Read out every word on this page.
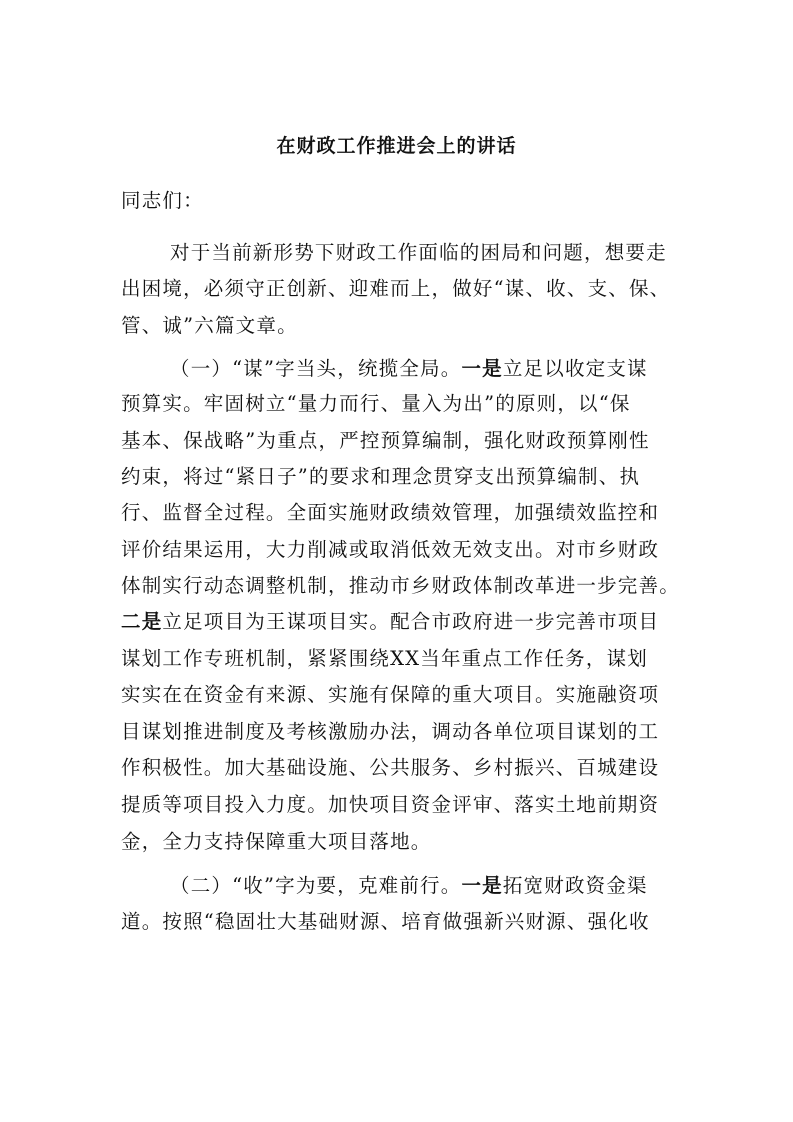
在财政工作推进会上的讲话
同志们：
对于当前新形势下财政工作面临的困局和问题，想要走
出困境，必须守正创新、迎难而上，做好“谋、收、支、保、
管、诚”六篇文章。
（一）“谋”字当头，统揽全局。一是立足以收定支谋
预算实。牢固树立“量力而行、量入为出”的原则，以“保
基本、保战略”为重点，严控预算编制，强化财政预算刚性
约束，将过“紧日子”的要求和理念贯穿支出预算编制、执
行、监督全过程。全面实施财政绩效管理，加强绩效监控和
评价结果运用，大力削减或取消低效无效支出。对市乡财政
体制实行动态调整机制，推动市乡财政体制改革进一步完善。
二是立足项目为王谋项目实。配合市政府进一步完善市项目
谋划工作专班机制，紧紧围绕XX当年重点工作任务，谋划
实实在在资金有来源、实施有保障的重大项目。实施融资项
目谋划推进制度及考核激励办法，调动各单位项目谋划的工
作积极性。加大基础设施、公共服务、乡村振兴、百城建设
提质等项目投入力度。加快项目资金评审、落实土地前期资
金，全力支持保障重大项目落地。
（二）“收”字为要，克难前行。一是拓宽财政资金渠
道。按照“稳固壮大基础财源、培育做强新兴财源、强化收
